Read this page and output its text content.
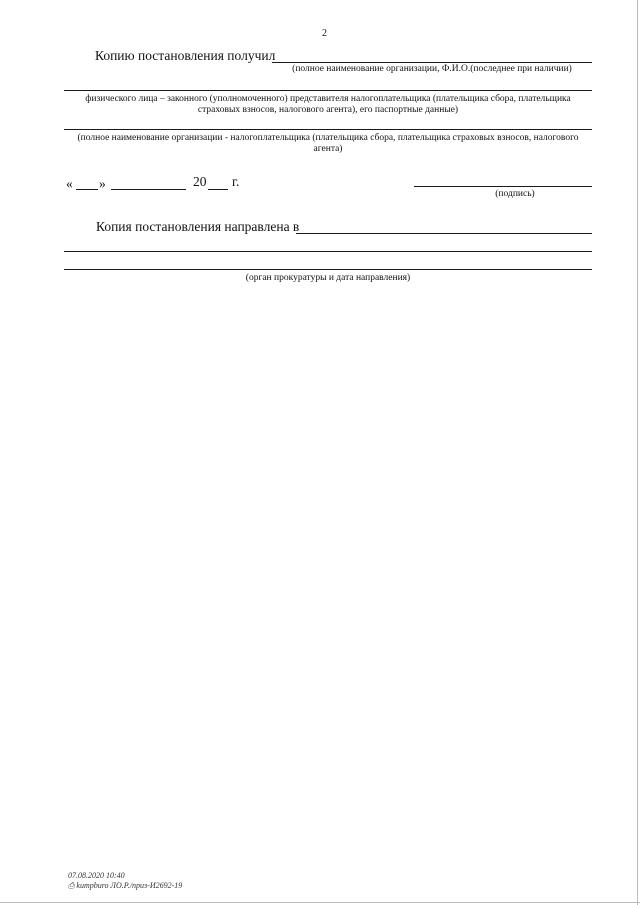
2
Копию постановления получил
(полное наименование организации, Ф.И.О.(последнее при наличии)
физического лица – законного (уполномоченного) представителя налогоплательщика (плательщика сбора, плательщика
страховых взносов, налогового агента), его паспортные данные)
(полное наименование организации - налогоплательщика (плательщика сбора, плательщика страховых взносов, налогового
агента)
« »	20 г.
(подпись)
Копия постановления направлена в
(орган прокуратуры и дата направления)
07.08.2020 10:40
⎙ kumpburo ЛО.Р./приз-И2692-19
